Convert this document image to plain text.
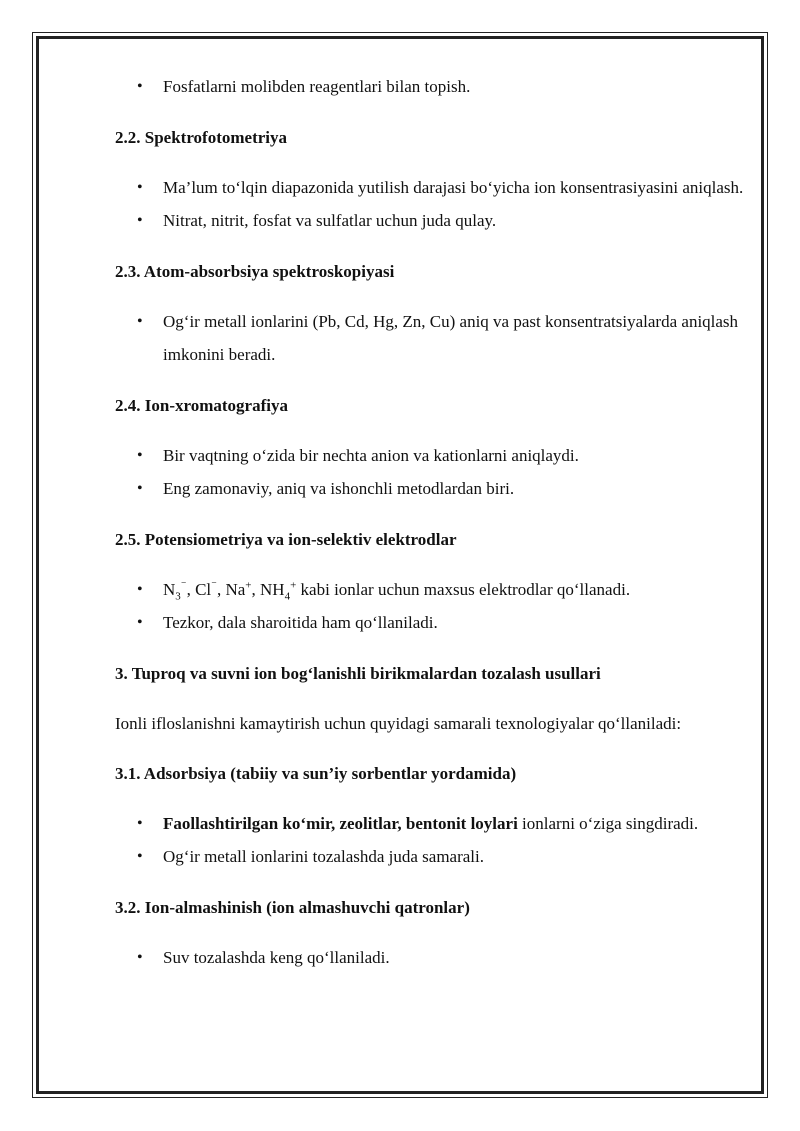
• Fosfatlarni molibden reagentlari bilan topish.
2.2. Spektrofotometriya
• Ma’lum to‘lqin diapazonida yutilish darajasi bo‘yicha ion konsentrasiyasini aniqlash.
• Nitrat, nitrit, fosfat va sulfatlar uchun juda qulay.
2.3. Atom-absorbsiya spektroskopiyasi
• Og‘ir metall ionlarini (Pb, Cd, Hg, Zn, Cu) aniq va past konsentratsiyalarda aniqlash imkonini beradi.
2.4. Ion-xromatografiya
• Bir vaqtning o‘zida bir nechta anion va kationlarni aniqlaydi.
• Eng zamonaviy, aniq va ishonchli metodlardan biri.
2.5. Potensiometriya va ion-selektiv elektrodlar
• $N_3^{^-}$, Cl⁻, Na+, $NH_4^+$ kabi ionlar uchun maxsus elektrodlar qo‘llanadi.
• Tezkor, dala sharoitida ham qo‘llaniladi.
3. Tuproq va suvni ion bog‘lanishli birikmalardan tozalash usullari

Ionli ifloslanishni kamaytirish uchun quyidagi samarali texnologiyalar qo‘llaniladi:

3.1. Adsorbsiya (tabiiy va sun’iy sorbentlar yordamida)
• Faollashtirilgan ko‘mir, zeolitlar, bentonit loylari ionlarni o‘ziga singdiradi.
• Og‘ir metall ionlarini tozalashda juda samarali.
3.2. Ion-almashinish (ion almashuvchi qatronlar)
• Suv tozalashda keng qo‘llaniladi.
